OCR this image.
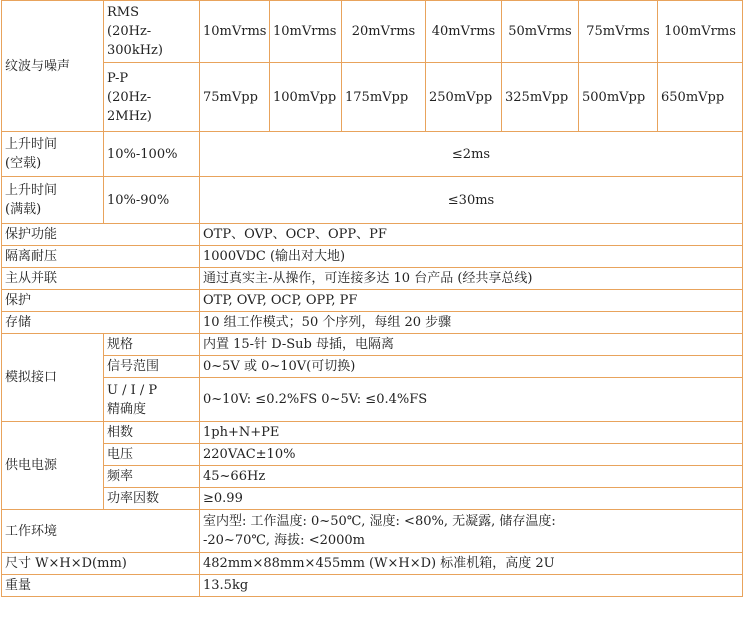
纹波与噪声	RMS
(20Hz-
300kHz)	10mVrms	10mVrms	20mVrms	40mVrms	50mVrms	75mVrms	100mVrms

	P-P
(20Hz-
2MHz)	75mVpp	100mVpp	175mVpp	250mVpp	325mVpp	500mVpp	650mVpp

上升时间
(空载)	10%-100%	≤2ms						

上升时间
(满载)	10%-90%	≤30ms						
保护功能		OTP、OVP、OCP、OPP、PF						
隔离耐压		1000VDC (输出对大地)						
主从并联		通过真实主-从操作，可连接多达 10 台产品 (经共享总线)						
保护		OTP, OVP, OCP, OPP, PF						
存储		10 组工作模式；50 个序列，每组 20 步骤						
模拟接口	规格	内置 15-针 D-Sub 母插，电隔离						
	信号范围	0~5V 或 0~10V(可切换)						

	U / I / P
精确度	0~10V: ≤0.2%FS 0~5V: ≤0.4%FS						
供电电源	相数	1ph+N+PE						
	电压	220VAC±10%						
	频率	45~66Hz						
	功率因数	≥0.99						
工作环境		室内型: 工作温度: 0~50℃, 湿度: <80%, 无凝露, 储存温度:
-20~70℃, 海拔: <2000m						

尺寸 W×H×D(mm)		482mm×88mm×455mm (W×H×D) 标准机箱，高度 2U						
重量		13.5kg						
